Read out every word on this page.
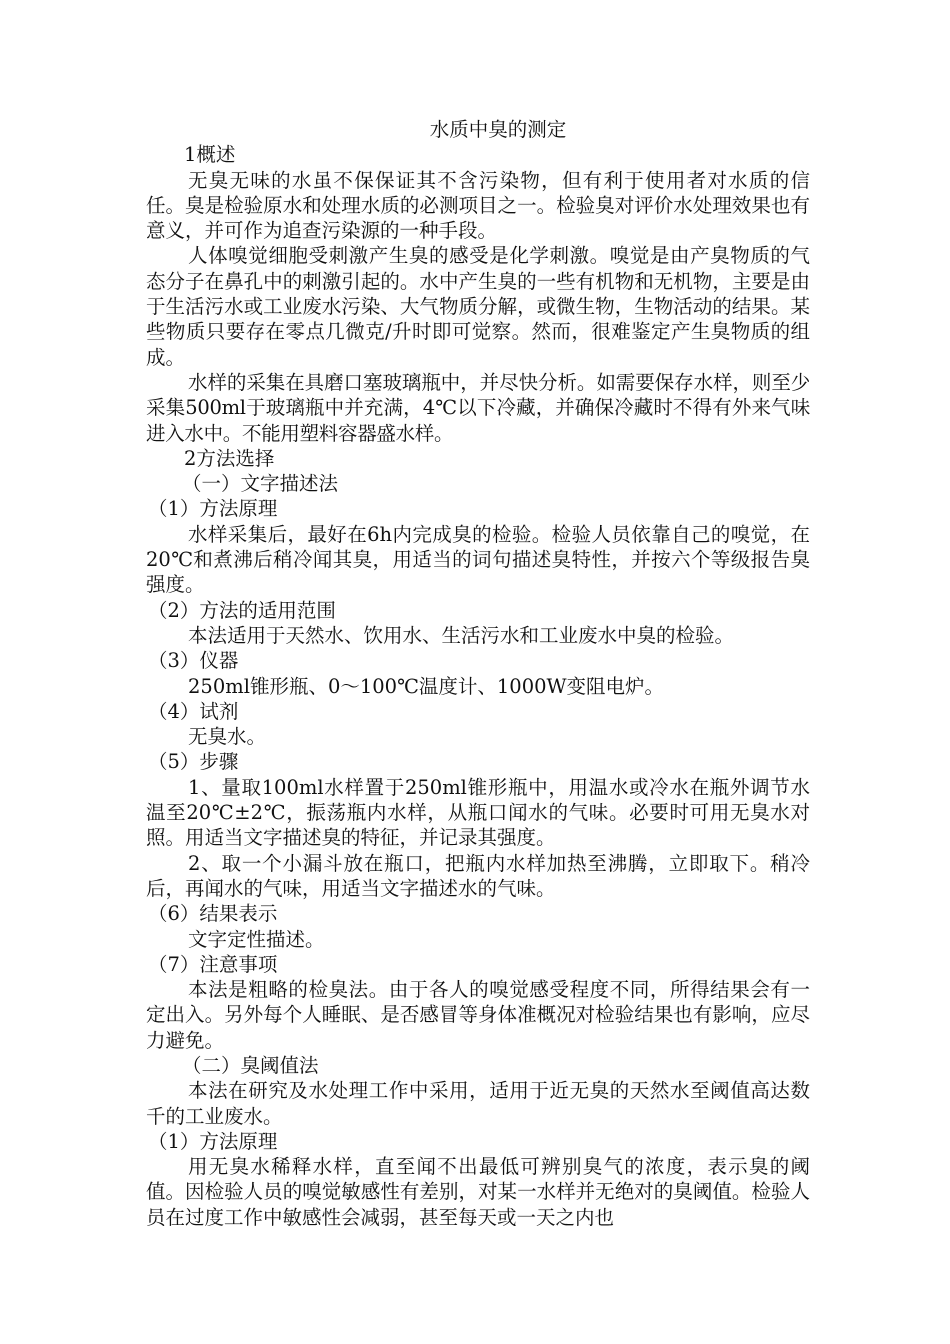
水质中臭的测定

1概述

无臭无味的水虽不保保证其不含污染物，但有利于使用者对水质的信任。臭是检验原水和处理水质的必测项目之一。检验臭对评价水处理效果也有意义，并可作为追查污染源的一种手段。

人体嗅觉细胞受刺激产生臭的感受是化学刺激。嗅觉是由产臭物质的气态分子在鼻孔中的刺激引起的。水中产生臭的一些有机物和无机物，主要是由于生活污水或工业废水污染、大气物质分解，或微生物，生物活动的结果。某些物质只要存在零点几微克/升时即可觉察。然而，很难鉴定产生臭物质的组成。

水样的采集在具磨口塞玻璃瓶中，并尽快分析。如需要保存水样，则至少采集500ml于玻璃瓶中并充满，4℃以下冷藏，并确保冷藏时不得有外来气味进入水中。不能用塑料容器盛水样。

2方法选择

（一）文字描述法

（1）方法原理

水样采集后，最好在6h内完成臭的检验。检验人员依靠自己的嗅觉，在20℃和煮沸后稍冷闻其臭，用适当的词句描述臭特性，并按六个等级报告臭强度。

（2）方法的适用范围

本法适用于天然水、饮用水、生活污水和工业废水中臭的检验。

（3）仪器

250ml锥形瓶、0～100℃温度计、1000W变阻电炉。

（4）试剂

无臭水。

（5）步骤

1、量取100ml水样置于250ml锥形瓶中，用温水或冷水在瓶外调节水温至20℃±2℃，振荡瓶内水样，从瓶口闻水的气味。必要时可用无臭水对照。用适当文字描述臭的特征，并记录其强度。

2、取一个小漏斗放在瓶口，把瓶内水样加热至沸腾，立即取下。稍冷后，再闻水的气味，用适当文字描述水的气味。

（6）结果表示

文字定性描述。

（7）注意事项

本法是粗略的检臭法。由于各人的嗅觉感受程度不同，所得结果会有一定出入。另外每个人睡眠、是否感冒等身体准概况对检验结果也有影响，应尽力避免。

（二）臭阈值法

本法在研究及水处理工作中采用，适用于近无臭的天然水至阈值高达数千的工业废水。

（1）方法原理

用无臭水稀释水样，直至闻不出最低可辨别臭气的浓度，表示臭的阈值。因检验人员的嗅觉敏感性有差别，对某一水样并无绝对的臭阈值。检验人员在过度工作中敏感性会减弱，甚至每天或一天之内也
